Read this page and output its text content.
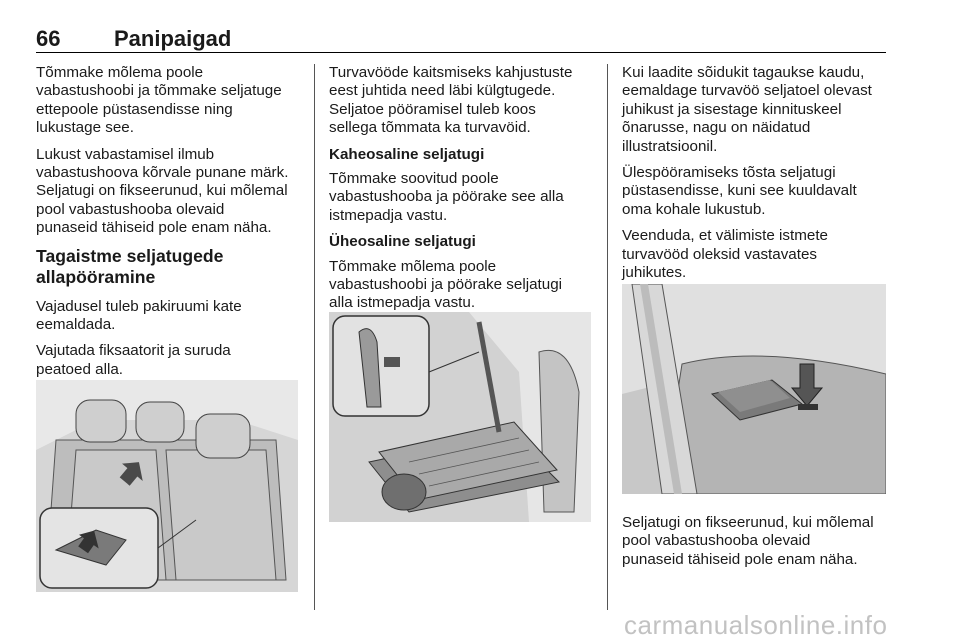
66 Panipaigad

Tõmmake mõlema poole
vabastushoobi ja tõmmake seljatuge
ettepoole püstasendisse ning
lukustage see.

Lukust vabastamisel ilmub
vabastushoova kõrvale punane märk.
Seljatugi on fikseerunud, kui mõlemal
pool vabastushooba olevaid
punaseid tähiseid pole enam näha.

Tagaistme seljatugede
allapööramine

Vajadusel tuleb pakiruumi kate
eemaldada.

Vajutada fiksaatorit ja suruda
peatoed alla.

Turvavööde kaitsmiseks kahjustuste
eest juhtida need läbi külgtugede.
Seljatoe pööramisel tuleb koos
sellega tõmmata ka turvavöid.

Kaheosaline seljatugi

Tõmmake soovitud poole
vabastushooba ja pöörake see alla
istmepadja vastu.

Üheosaline seljatugi

Tõmmake mõlema poole
vabastushoobi ja pöörake seljatugi
alla istmepadja vastu.

Kui laadite sõidukit tagaukse kaudu,
eemaldage turvavöö seljatoel olevast
juhikust ja sisestage kinnituskeel
õnarusse, nagu on näidatud
illustratsioonil.

Ülespööramiseks tõsta seljatugi
püstasendisse, kuni see kuuldavalt
oma kohale lukustub.

Veenduda, et välimiste istmete
turvavööd oleksid vastavates
juhikutes.

Seljatugi on fikseerunud, kui mõlemal
pool vabastushooba olevaid
punaseid tähiseid pole enam näha.

carmanualsonline.info
